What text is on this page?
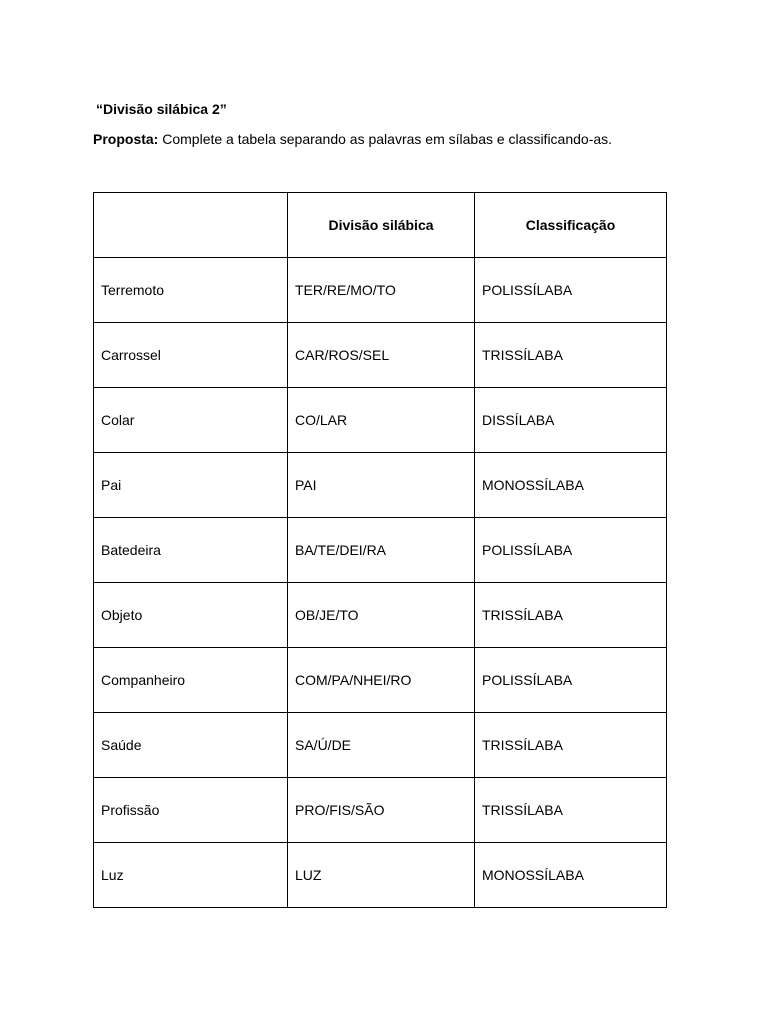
“Divisão silábica 2”
Proposta: Complete a tabela separando as palavras em sílabas e classificando-as.
	Divisão silábica	Classificação
Terremoto	TER/RE/MO/TO	POLISSÍLABA
Carrossel	CAR/ROS/SEL	TRISSÍLABA
Colar	CO/LAR	DISSÍLABA
Pai	PAI	MONOSSÍLABA
Batedeira	BA/TE/DEI/RA	POLISSÍLABA
Objeto	OB/JE/TO	TRISSÍLABA
Companheiro	COM/PA/NHEI/RO	POLISSÍLABA
Saúde	SA/Ú/DE	TRISSÍLABA
Profissão	PRO/FIS/SÃO	TRISSÍLABA
Luz	LUZ	MONOSSÍLABA
